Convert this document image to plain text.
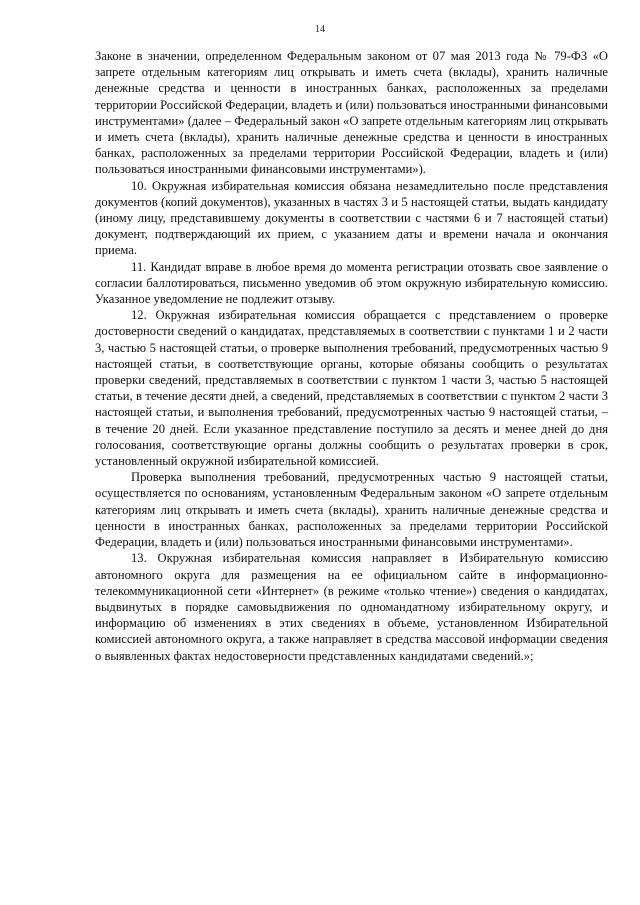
14

Законе в значении, определенном Федеральным законом от 07 мая 2013 года № 79-ФЗ «О запрете отдельным категориям лиц открывать и иметь счета (вклады), хранить наличные денежные средства и ценности в иностранных банках, расположенных за пределами территории Российской Федерации, владеть и (или) пользоваться иностранными финансовыми инструментами» (далее – Федеральный закон «О запрете отдельным категориям лиц открывать и иметь счета (вклады), хранить наличные денежные средства и ценности в иностранных банках, расположенных за пределами территории Российской Федерации, владеть и (или) пользоваться иностранными финансовыми инструментами»).

10. Окружная избирательная комиссия обязана незамедлительно после представления документов (копий документов), указанных в частях 3 и 5 настоящей статьи, выдать кандидату (иному лицу, представившему документы в соответствии с частями 6 и 7 настоящей статьи) документ, подтверждающий их прием, с указанием даты и времени начала и окончания приема.

11. Кандидат вправе в любое время до момента регистрации отозвать свое заявление о согласии баллотироваться, письменно уведомив об этом окружную избирательную комиссию. Указанное уведомление не подлежит отзыву.

12. Окружная избирательная комиссия обращается с представлением о проверке достоверности сведений о кандидатах, представляемых в соответствии с пунктами 1 и 2 части 3, частью 5 настоящей статьи, о проверке выполнения требований, предусмотренных частью 9 настоящей статьи, в соответствующие органы, которые обязаны сообщить о результатах проверки сведений, представляемых в соответствии с пунктом 1 части 3, частью 5 настоящей статьи, в течение десяти дней, а сведений, представляемых в соответствии с пунктом 2 части 3 настоящей статьи, и выполнения требований, предусмотренных частью 9 настоящей статьи, – в течение 20 дней. Если указанное представление поступило за десять и менее дней до дня голосования, соответствующие органы должны сообщить о результатах проверки в срок, установленный окружной избирательной комиссией.

Проверка выполнения требований, предусмотренных частью 9 настоящей статьи, осуществляется по основаниям, установленным Федеральным законом «О запрете отдельным категориям лиц открывать и иметь счета (вклады), хранить наличные денежные средства и ценности в иностранных банках, расположенных за пределами территории Российской Федерации, владеть и (или) пользоваться иностранными финансовыми инструментами».

13. Окружная избирательная комиссия направляет в Избирательную комиссию автономного округа для размещения на ее официальном сайте в информационно-телекоммуникационной сети «Интернет» (в режиме «только чтение») сведения о кандидатах, выдвинутых в порядке самовыдвижения по одномандатному избирательному округу, и информацию об изменениях в этих сведениях в объеме, установленном Избирательной комиссией автономного округа, а также направляет в средства массовой информации сведения о выявленных фактах недостоверности представленных кандидатами сведений.»;
